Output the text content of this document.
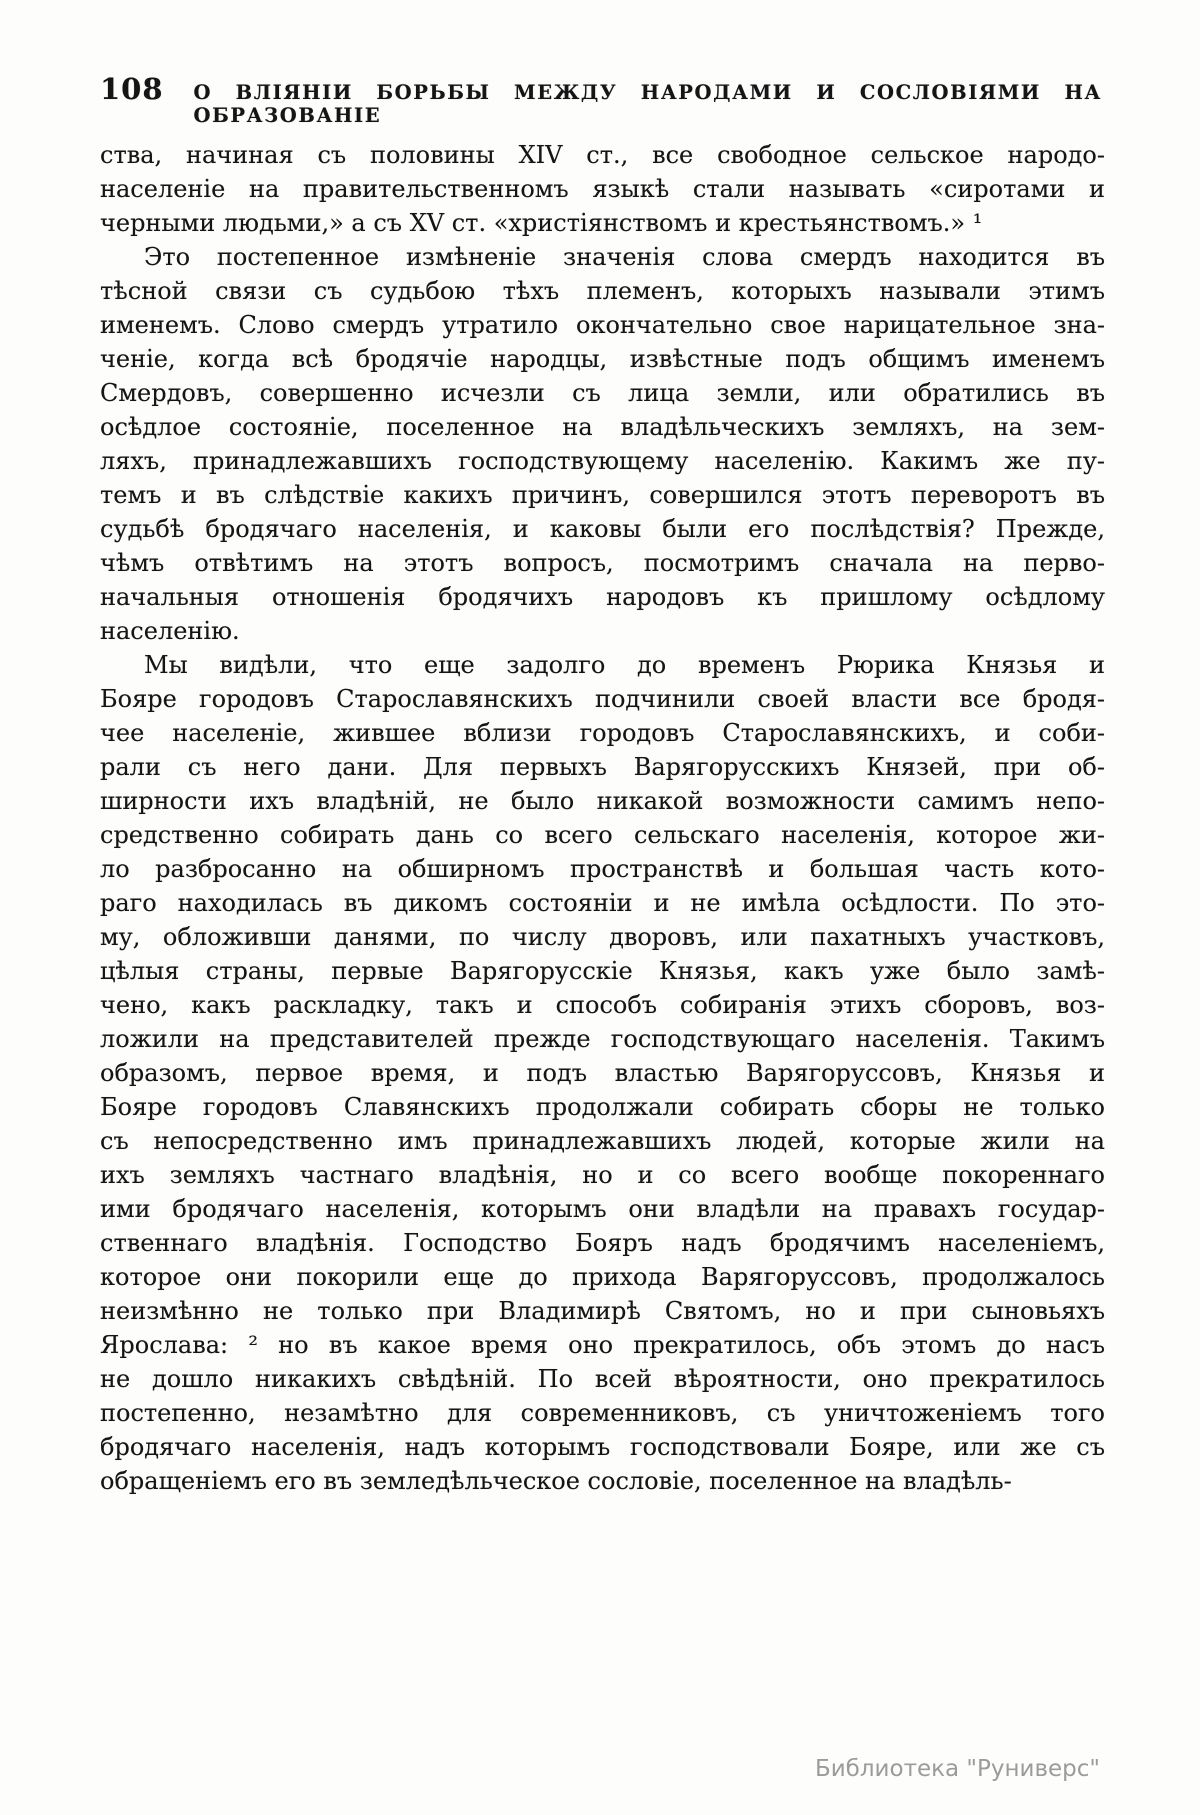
108 О ВЛІЯНІИ БОРЬБЫ МЕЖДУ НАРОДАМИ И СОСЛОВІЯМИ НА ОБРАЗОВАНІЕ
ства, начиная съ половины XIV ст., все свободное сельское народо-
населеніе на правительственномъ языкѣ стали называть «сиротами и
черными людьми,» а съ XV ст. «христіянствомъ и крестьянствомъ.» ¹
Это постепенное измѣненіе значенія слова смердъ находится въ
тѣсной связи съ судьбою тѣхъ племенъ, которыхъ называли этимъ
именемъ. Слово смердъ утратило окончательно свое нарицательное зна-
ченіе, когда всѣ бродячіе народцы, извѣстные подъ общимъ именемъ
Смердовъ, совершенно исчезли съ лица земли, или обратились въ
осѣдлое состояніе, поселенное на владѣльческихъ земляхъ, на зем-
ляхъ, принадлежавшихъ господствующему населенію. Какимъ же пу-
темъ и въ слѣдствіе какихъ причинъ, совершился этотъ переворотъ въ
судьбѣ бродячаго населенія, и каковы были его послѣдствія? Прежде,
чѣмъ отвѣтимъ на этотъ вопросъ, посмотримъ сначала на перво-
начальныя отношенія бродячихъ народовъ къ пришлому осѣдлому
населенію.
Мы видѣли, что еще задолго до временъ Рюрика Князья и
Бояре городовъ Старославянскихъ подчинили своей власти все бродя-
чее населеніе, жившее вблизи городовъ Старославянскихъ, и соби-
рали съ него дани. Для первыхъ Варягорусскихъ Князей, при об-
ширности ихъ владѣній, не было никакой возможности самимъ непо-
средственно собирать дань со всего сельскаго населенія, которое жи-
ло разбросанно на обширномъ пространствѣ и большая часть кото-
раго находилась въ дикомъ состояніи и не имѣла осѣдлости. По это-
му, обложивши данями, по числу дворовъ, или пахатныхъ участковъ,
цѣлыя страны, первые Варягорусскіе Князья, какъ уже было замѣ-
чено, какъ раскладку, такъ и способъ собиранія этихъ сборовъ, воз-
ложили на представителей прежде господствующаго населенія. Такимъ
образомъ, первое время, и подъ властью Варягоруссовъ, Князья и
Бояре городовъ Славянскихъ продолжали собирать сборы не только
съ непосредственно имъ принадлежавшихъ людей, которые жили на
ихъ земляхъ частнаго владѣнія, но и со всего вообще покореннаго
ими бродячаго населенія, которымъ они владѣли на правахъ государ-
ственнаго владѣнія. Господство Бояръ надъ бродячимъ населеніемъ,
которое они покорили еще до прихода Варягоруссовъ, продолжалось
неизмѣнно не только при Владимирѣ Святомъ, но и при сыновьяхъ
Ярослава: ² но въ какое время оно прекратилось, объ этомъ до насъ
не дошло никакихъ свѣдѣній. По всей вѣроятности, оно прекратилось
постепенно, незамѣтно для современниковъ, съ уничтоженіемъ того
бродячаго населенія, надъ которымъ господствовали Бояре, или же съ
обращеніемъ его въ земледѣльческое сословіе, поселенное на владѣль-
Библиотека "Руниверс"
